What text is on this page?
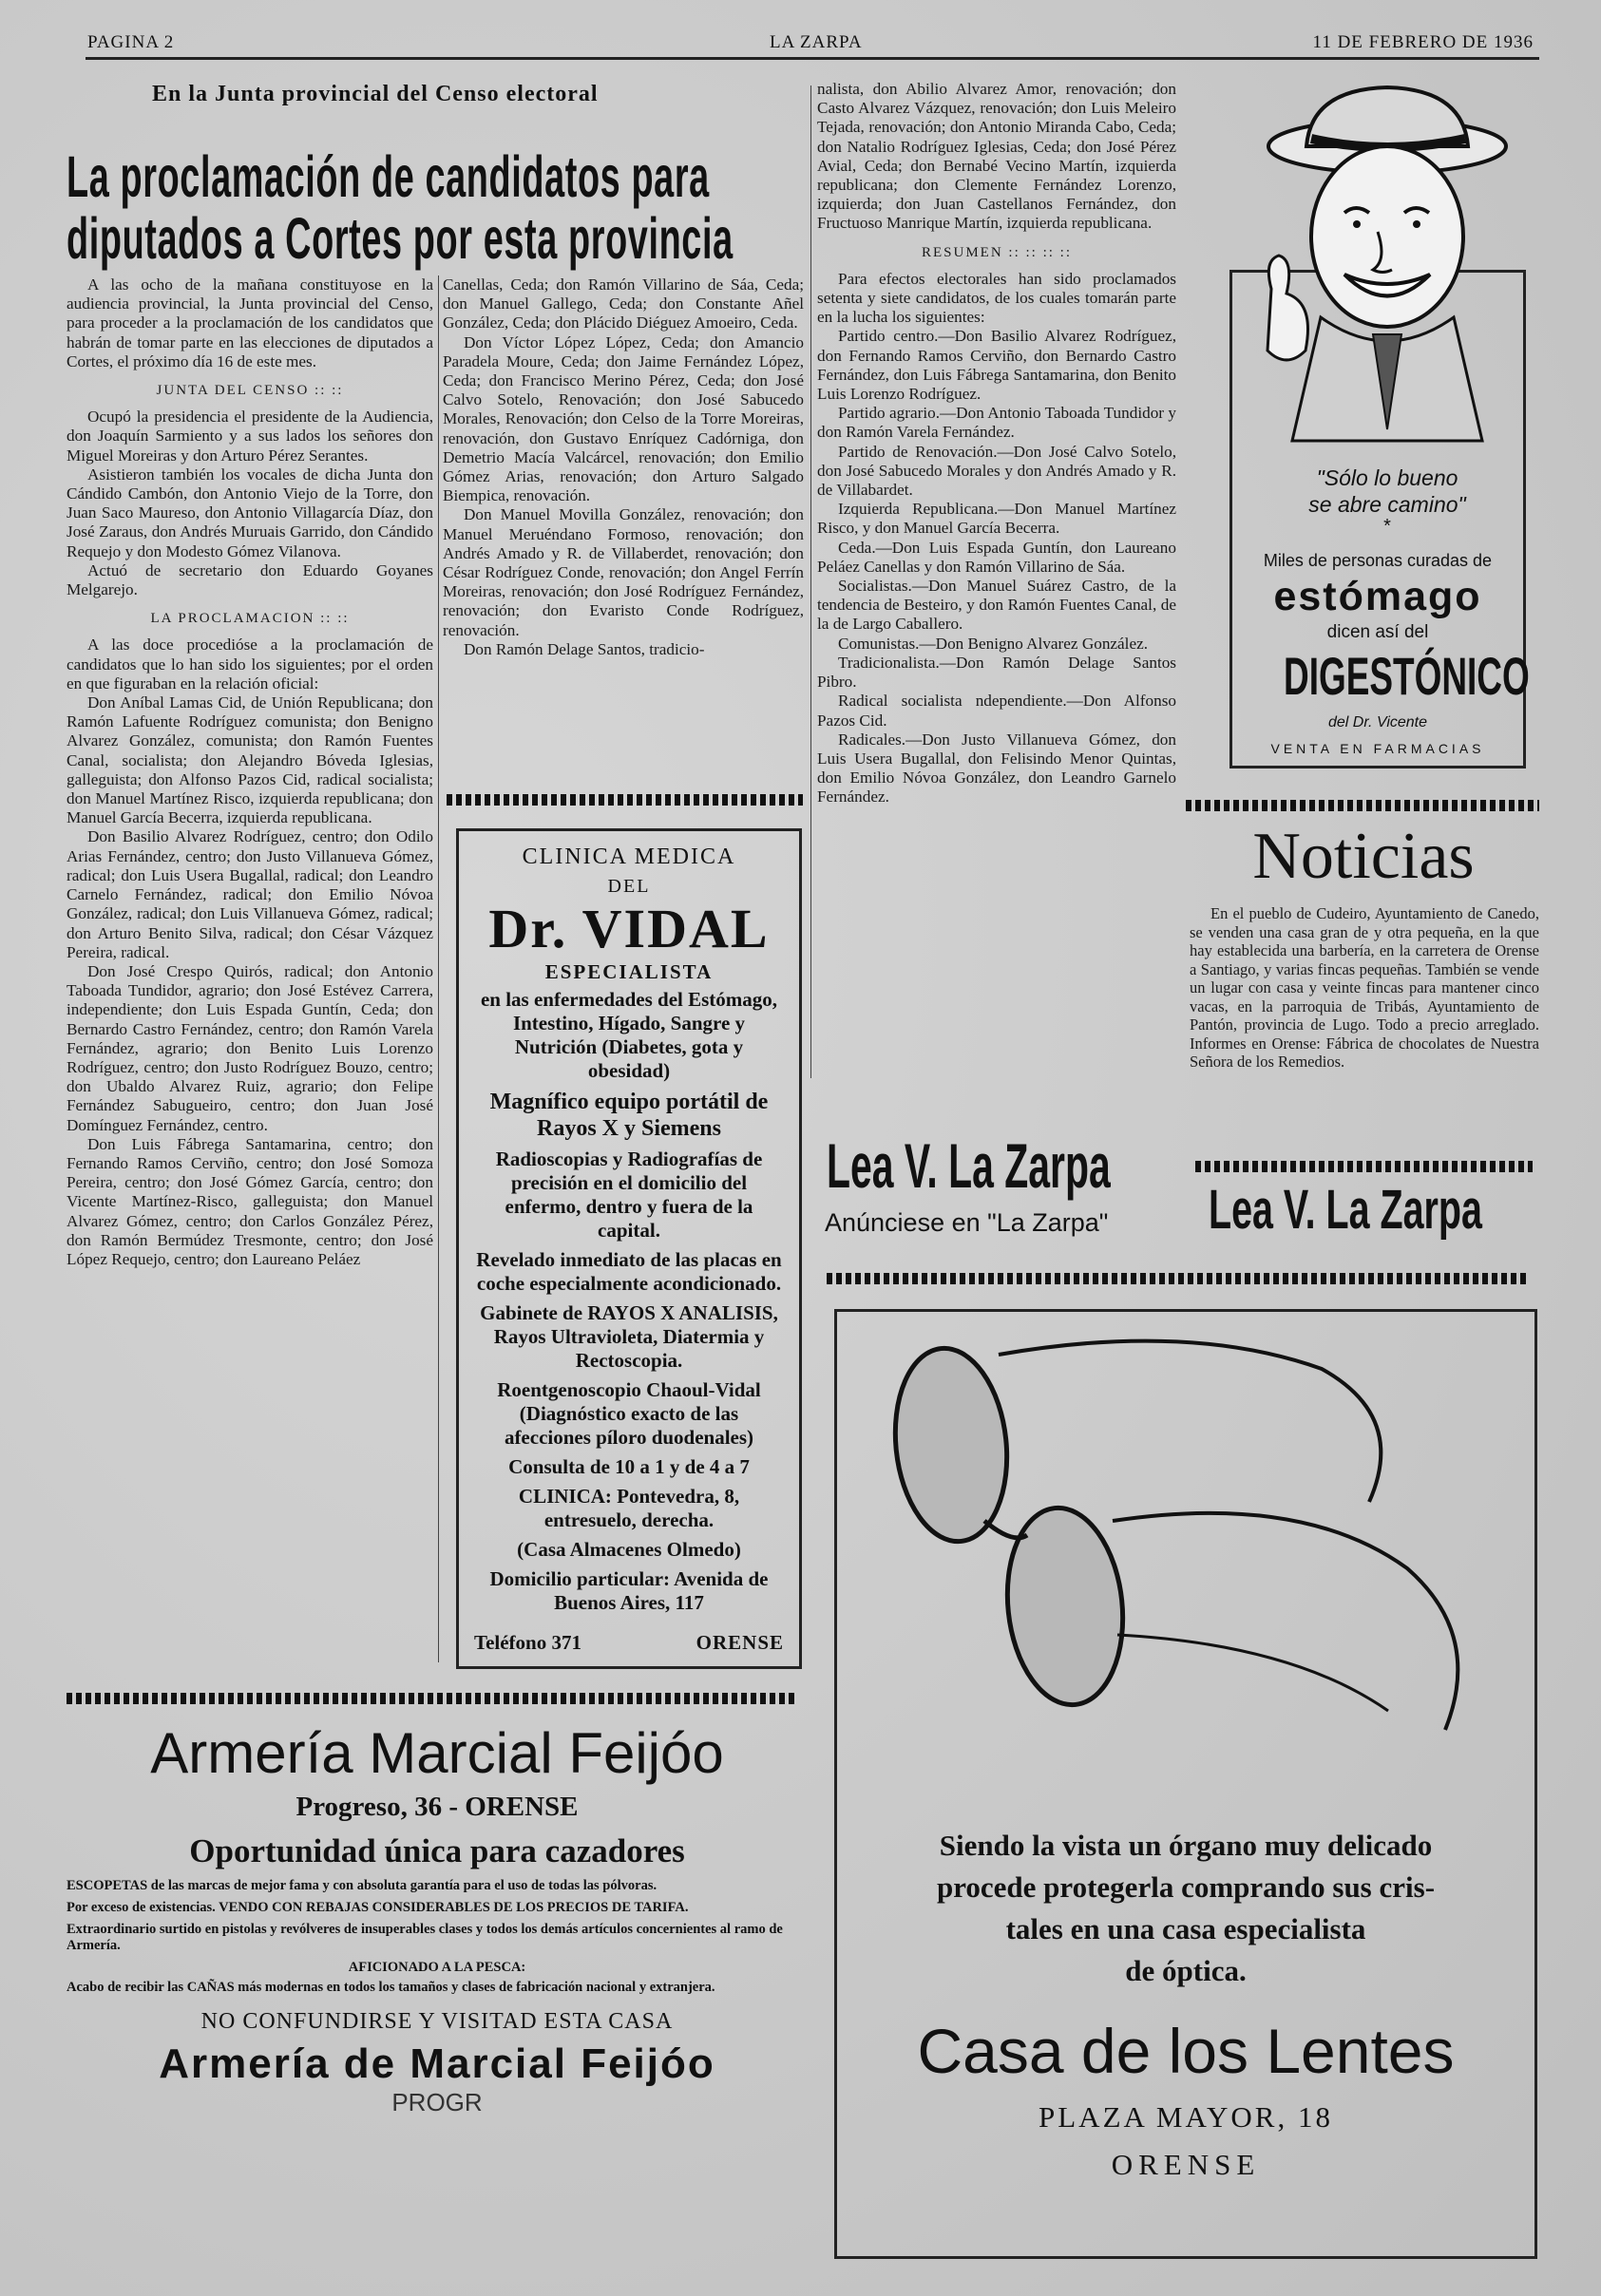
PAGINA 2	LA ZARPA	11 DE FEBRERO DE 1936
En la Junta provincial del Censo electoral
La proclamación de candidatos para
diputados a Cortes por esta provincia

A las ocho de la mañana constituyose en la audiencia provincial, la Junta provincial del Censo, para proceder a la proclamación de los candidatos que habrán de tomar parte en las elecciones de diputados a Cortes, el próximo día 16 de este mes.

JUNTA DEL CENSO :: ::

Ocupó la presidencia el presidente de la Audiencia, don Joaquín Sarmiento y a sus lados los señores don Miguel Moreiras y don Arturo Pérez Serantes.

Asistieron también los vocales de dicha Junta don Cándido Cambón, don Antonio Viejo de la Torre, don Juan Saco Maureso, don Antonio Villagarcía Díaz, don José Zaraus, don Andrés Muruais Garrido, don Cándido Requejo y don Modesto Gómez Vilanova.

Actuó de secretario don Eduardo Goyanes Melgarejo.

LA PROCLAMACION :: ::

A las doce procedióse a la proclamación de candidatos que lo han sido los siguientes; por el orden en que figuraban en la relación oficial:

Don Aníbal Lamas Cid, de Unión Republicana; don Ramón Lafuente Rodríguez comunista; don Benigno Alvarez González, comunista; don Ramón Fuentes Canal, socialista; don Alejandro Bóveda Iglesias, galleguista; don Alfonso Pazos Cid, radical socialista; don Manuel Martínez Risco, izquierda republicana; don Manuel García Becerra, izquierda republicana.

Don Basilio Alvarez Rodríguez, centro; don Odilo Arias Fernández, centro; don Justo Villanueva Gómez, radical; don Luis Usera Bugallal, radical; don Leandro Carnelo Fernández, radical; don Emilio Nóvoa González, radical; don Luis Villanueva Gómez, radical; don Arturo Benito Silva, radical; don César Vázquez Pereira, radical.

Don José Crespo Quirós, radical; don Antonio Taboada Tundidor, agrario; don José Estévez Carrera, independiente; don Luis Espada Guntín, Ceda; don Bernardo Castro Fernández, centro; don Ramón Varela Fernández, agrario; don Benito Luis Lorenzo Rodríguez, centro; don Justo Rodríguez Bouzo, centro; don Ubaldo Alvarez Ruiz, agrario; don Felipe Fernández Sabugueiro, centro; don Juan José Domínguez Fernández, centro.

Don Luis Fábrega Santamarina, centro; don Fernando Ramos Cerviño, centro; don José Somoza Pereira, centro; don José Gómez García, centro; don Vicente Martínez-Risco, galleguista; don Manuel Alvarez Gómez, centro; don Carlos González Pérez, don Ramón Bermúdez Tresmonte, centro; don José López Requejo, centro; don Laureano Peláez

Canellas, Ceda; don Ramón Villarino de Sáa, Ceda; don Manuel Gallego, Ceda; don Constante Añel González, Ceda; don Plácido Diéguez Amoeiro, Ceda.

Don Víctor López López, Ceda; don Amancio Paradela Moure, Ceda; don Jaime Fernández López, Ceda; don Francisco Merino Pérez, Ceda; don José Calvo Sotelo, Renovación; don José Sabucedo Morales, Renovación; don Celso de la Torre Moreiras, renovación, don Gustavo Enríquez Cadórniga, don Demetrio Macía Valcárcel, renovación; don Emilio Gómez Arias, renovación; don Arturo Salgado Biempica, renovación.

Don Manuel Movilla González, renovación; don Manuel Meruéndano Formoso, renovación; don Andrés Amado y R. de Villaberdet, renovación; don César Rodríguez Conde, renovación; don Angel Ferrín Moreiras, renovación; don José Rodríguez Fernández, renovación; don Evaristo Conde Rodríguez, renovación.

Don Ramón Delage Santos, tradicio-

nalista, don Abilio Alvarez Amor, renovación; don Casto Alvarez Vázquez, renovación; don Luis Meleiro Tejada, renovación; don Antonio Miranda Cabo, Ceda; don Natalio Rodríguez Iglesias, Ceda; don José Pérez Avial, Ceda; don Bernabé Vecino Martín, izquierda republicana; don Clemente Fernández Lorenzo, izquierda; don Juan Castellanos Fernández, don Fructuoso Manrique Martín, izquierda republicana.

RESUMEN :: :: :: ::

Para efectos electorales han sido proclamados setenta y siete candidatos, de los cuales tomarán parte en la lucha los siguientes:

Partido centro.—Don Basilio Alvarez Rodríguez, don Fernando Ramos Cerviño, don Bernardo Castro Fernández, don Luis Fábrega Santamarina, don Benito Luis Lorenzo Rodríguez.

Partido agrario.—Don Antonio Taboada Tundidor y don Ramón Varela Fernández.

Partido de Renovación.—Don José Calvo Sotelo, don José Sabucedo Morales y don Andrés Amado y R. de Villabardet.

Izquierda Republicana.—Don Manuel Martínez Risco, y don Manuel García Becerra.

Ceda.—Don Luis Espada Guntín, don Laureano Peláez Canellas y don Ramón Villarino de Sáa.

Socialistas.—Don Manuel Suárez Castro, de la tendencia de Besteiro, y don Ramón Fuentes Canal, de la de Largo Caballero.

Comunistas.—Don Benigno Alvarez González.

Tradicionalista.—Don Ramón Delage Santos Pibro.

Radical socialista ndependiente.—Don Alfonso Pazos Cid.

Radicales.—Don Justo Villanueva Gómez, don Luis Usera Bugallal, don Felisindo Menor Quintas, don Emilio Nóvoa González, don Leandro Garnelo Fernández.

CLINICA MEDICA
DEL
Dr. VIDAL
ESPECIALISTA
en las enfermedades del Estómago, Intestino, Hígado, Sangre y Nutrición (Diabetes, gota y obesidad)
Magnífico equipo portátil de Rayos X y Siemens
Radioscopias y Radiografías de precisión en el domicilio del enfermo, dentro y fuera de la capital.
Revelado inmediato de las placas en coche especialmente acondicionado.
Gabinete de RAYOS X ANALISIS, Rayos Ultravioleta, Diatermia y Rectoscopia.
Roentgenoscopio Chaoul-Vidal (Diagnóstico exacto de las afecciones píloro duodenales)
Consulta de 10 a 1 y de 4 a 7
CLINICA: Pontevedra, 8, entresuelo, derecha.
(Casa Almacenes Olmedo)
Domicilio particular: Avenida de Buenos Aires, 117
Teléfono 371	ORENSE
"Sólo lo bueno
se abre camino"
*
Miles de personas curadas de
estómago
dicen así del
DIGESTÓNICO
del Dr. Vicente
VENTA EN FARMACIAS
Noticias

En el pueblo de Cudeiro, Ayuntamiento de Canedo, se venden una casa gran de y otra pequeña, en la que hay establecida una barbería, en la carretera de Orense a Santiago, y varias fincas pequeñas. También se vende un lugar con casa y veinte fincas para mantener cinco vacas, en la parroquia de Tribás, Ayuntamiento de Pantón, provincia de Lugo. Todo a precio arreglado. Informes en Orense: Fábrica de chocolates de Nuestra Señora de los Remedios.

Lea V. La Zarpa
Anúnciese en "La Zarpa"	Lea V. La Zarpa
Siendo la vista un órgano muy delicado
procede protegerla comprando sus cris-
tales en una casa especialista
de óptica.
Casa de los Lentes
PLAZA MAYOR, 18
ORENSE
Armería Marcial Feijóo
Progreso, 36 - ORENSE
Oportunidad única para cazadores
ESCOPETAS de las marcas de mejor fama y con absoluta garantía para el uso de todas las pólvoras.
Por exceso de existencias. VENDO CON REBAJAS CONSIDERABLES DE LOS PRECIOS DE TARIFA.
Extraordinario surtido en pistolas y revólveres de insuperables clases y todos los demás artículos concernientes al ramo de Armería.
AFICIONADO A LA PESCA:
Acabo de recibir las CAÑAS más modernas en todos los tamaños y clases de fabricación nacional y extranjera.
NO CONFUNDIRSE Y VISITAD ESTA CASA
Armería de Marcial Feijóo
PROGR
